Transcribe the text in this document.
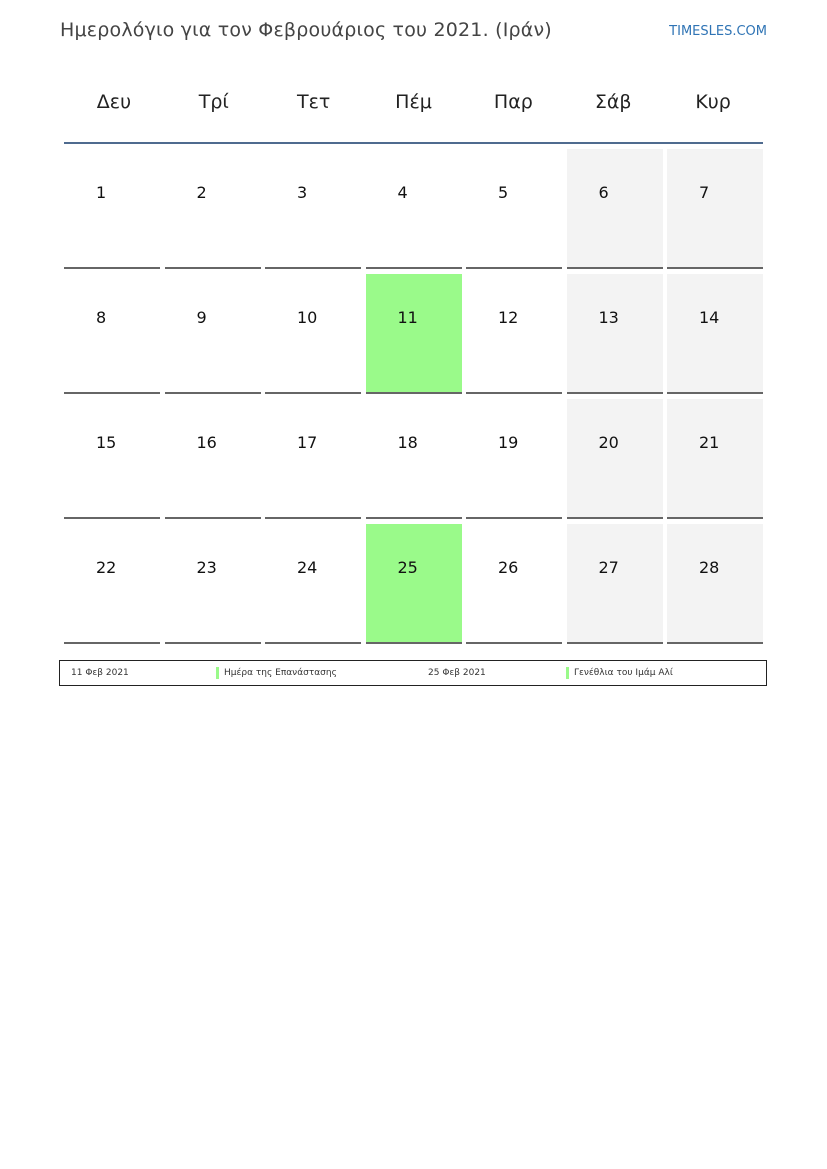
Ημερολόγιο για τον Φεβρουάριος του 2021. (Ιράν)	TIMESLES.COM
Δευ	Τρί	Τετ	Πέμ	Παρ	Σάβ	Κυρ
1	2	3	4	5	6	7
8	9	10	11	12	13	14
15	16	17	18	19	20	21
22	23	24	25	26	27	28
11 Φεβ 2021	Ημέρα της Επανάστασης	25 Φεβ 2021	Γενέθλια του Ιμάμ Αλί
